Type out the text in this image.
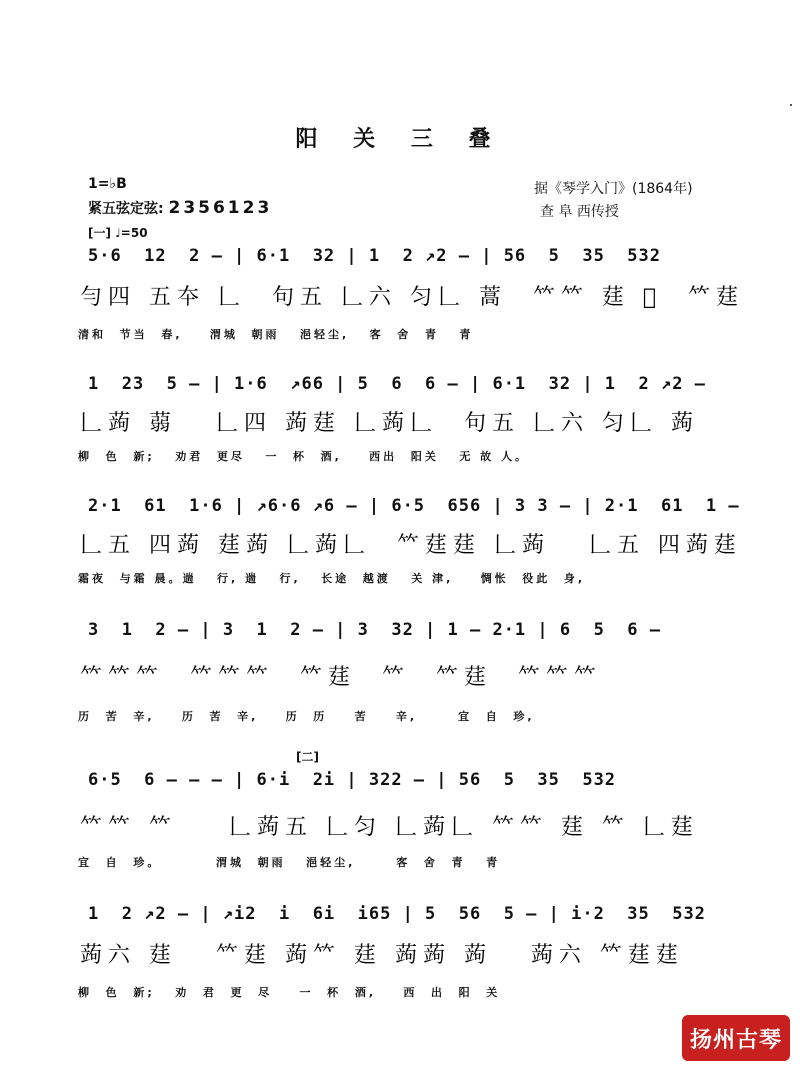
阳 关 三 叠
1=♭B
紧五弦定弦: 2356123
据《琴学入门》(1864年)
查 阜 西传授
[一] ♩=50
[二]
5·6  12  2 — | 6·1  32 | 1  2 ↗2 — | 56  5  35  532
勻四 五夲 𠃊  句五 𠃊六 匀𠃊 蒿  𥫗𥫗 莛 𠛌  𥫗莛
清和  节当  春,    渭城  朝雨   浥轻尘,   客  舍  青   青
1  23  5 — | 1·6  ↗66 | 5  6  6 — | 6·1  32 | 1  2 ↗2 —
𠃊蒟 蒻   𠃊四 蒟莛 𠃊蒟𠃊  句五 𠃊六 匀𠃊 蒟
柳  色  新;   劝君  更尽   一  杯  酒,    西出  阳关   无 故 人。
2·1  61  1·6 | ↗6·6 ↗6 — | 6·5  656 | 3 3 — | 2·1  61  1 —
𠃊五 四蒟 莛蒟 𠃊蒟𠃊  𥫗莛莛 𠃊蒟   𠃊五 四蒟莛
霜夜  与霜 晨。遄   行, 遄   行,   长途  越渡   关 津,    惆怅  役此  身,
3  1  2 — | 3  1  2 — | 3  32 | 1 — 2·1 | 6  5  6 —
𥫗𥫗𥫗  𥫗𥫗𥫗  𥫗莛  𥫗  𥫗莛  𥫗𥫗𥫗
历  苦  辛,    历  苦  辛,    历  历    苦    辛,      宜  自  珍,
6·5  6 — — — | 6·i  2i | 322 — | 56  5  35  532
𥫗𥫗 𥫗    𠃊蒟五 𠃊匀 𠃊蒟𠃊 𥫗𥫗 莛 𥫗 𠃊莛
宜  自  珍。        渭城  朝雨   浥轻尘,      客  舍  青   青
1  2 ↗2 — | ↗i2  i  6i  i65 | 5  56  5 — | i·2  35  532
蒟六 莛   𥫗莛 蒟𥫗 莛 蒟蒟 蒟   蒟六 𥫗莛莛
柳  色  新;   劝  君  更  尽    一  杯  酒,    西  出  阳  关
扬州古琴
